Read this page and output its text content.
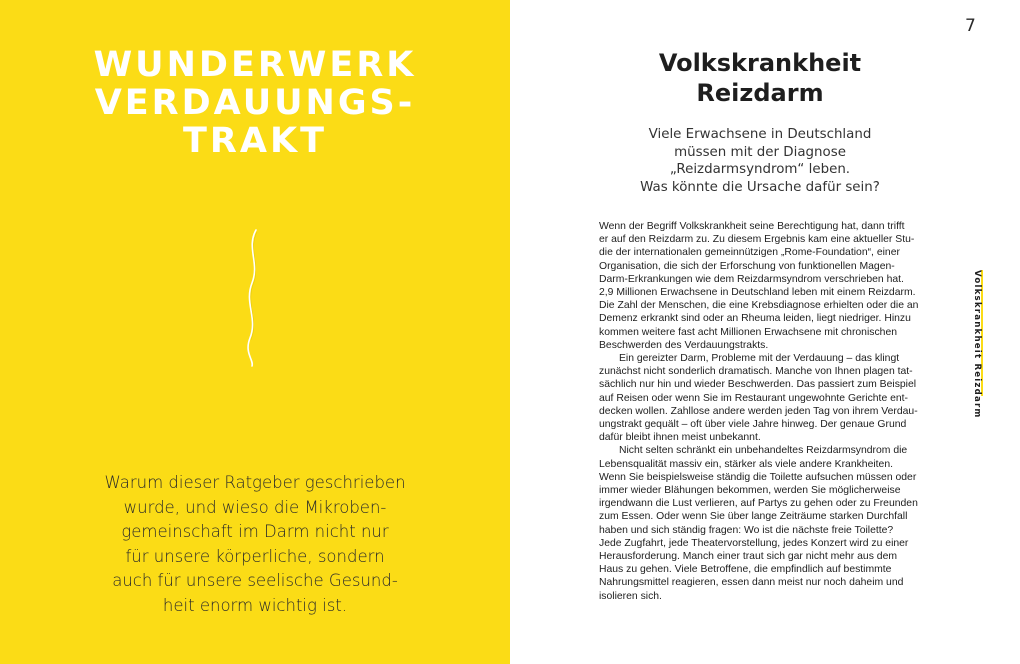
WUNDERWERK
VERDAUUNGS-
TRAKT
Warum dieser Ratgeber geschrieben
wurde, und wieso die Mikroben-
gemeinschaft im Darm nicht nur
für unsere körperliche, sondern
auch für unsere seelische Gesund-
heit enorm wichtig ist.
7
Volkskrankheit
Reizdarm
Viele Erwachsene in Deutschland
müssen mit der Diagnose
„Reizdarmsyndrom“ leben.
Was könnte die Ursache dafür sein?
Wenn der Begriff Volkskrankheit seine Berechtigung hat, dann trifft
er auf den Reizdarm zu. Zu diesem Ergebnis kam eine aktueller Stu-
die der internationalen gemeinnützigen „Rome-Foundation“, einer
Organisation, die sich der Erforschung von funktionellen Magen-
Darm-Erkrankungen wie dem Reizdarmsyndrom verschrieben hat.
2,9 Millionen Erwachsene in Deutschland leben mit einem Reizdarm.
Die Zahl der Menschen, die eine Krebsdiagnose erhielten oder die an
Demenz erkrankt sind oder an Rheuma leiden, liegt niedriger. Hinzu
kommen weitere fast acht Millionen Erwachsene mit chronischen
Beschwerden des Verdauungstrakts.
Ein gereizter Darm, Probleme mit der Verdauung – das klingt
zunächst nicht sonderlich dramatisch. Manche von Ihnen plagen tat-
sächlich nur hin und wieder Beschwerden. Das passiert zum Beispiel
auf Reisen oder wenn Sie im Restaurant ungewohnte Gerichte ent-
decken wollen. Zahllose andere werden jeden Tag von ihrem Verdau-
ungstrakt gequält – oft über viele Jahre hinweg. Der genaue Grund
dafür bleibt ihnen meist unbekannt.
Nicht selten schränkt ein unbehandeltes Reizdarmsyndrom die
Lebensqualität massiv ein, stärker als viele andere Krankheiten.
Wenn Sie beispielsweise ständig die Toilette aufsuchen müssen oder
immer wieder Blähungen bekommen, werden Sie möglicherweise
irgendwann die Lust verlieren, auf Partys zu gehen oder zu Freunden
zum Essen. Oder wenn Sie über lange Zeiträume starken Durchfall
haben und sich ständig fragen: Wo ist die nächste freie Toilette?
Jede Zugfahrt, jede Theatervorstellung, jedes Konzert wird zu einer
Herausforderung. Manch einer traut sich gar nicht mehr aus dem
Haus zu gehen. Viele Betroffene, die empfindlich auf bestimmte
Nahrungsmittel reagieren, essen dann meist nur noch daheim und
isolieren sich.
Volkskrankheit Reizdarm
